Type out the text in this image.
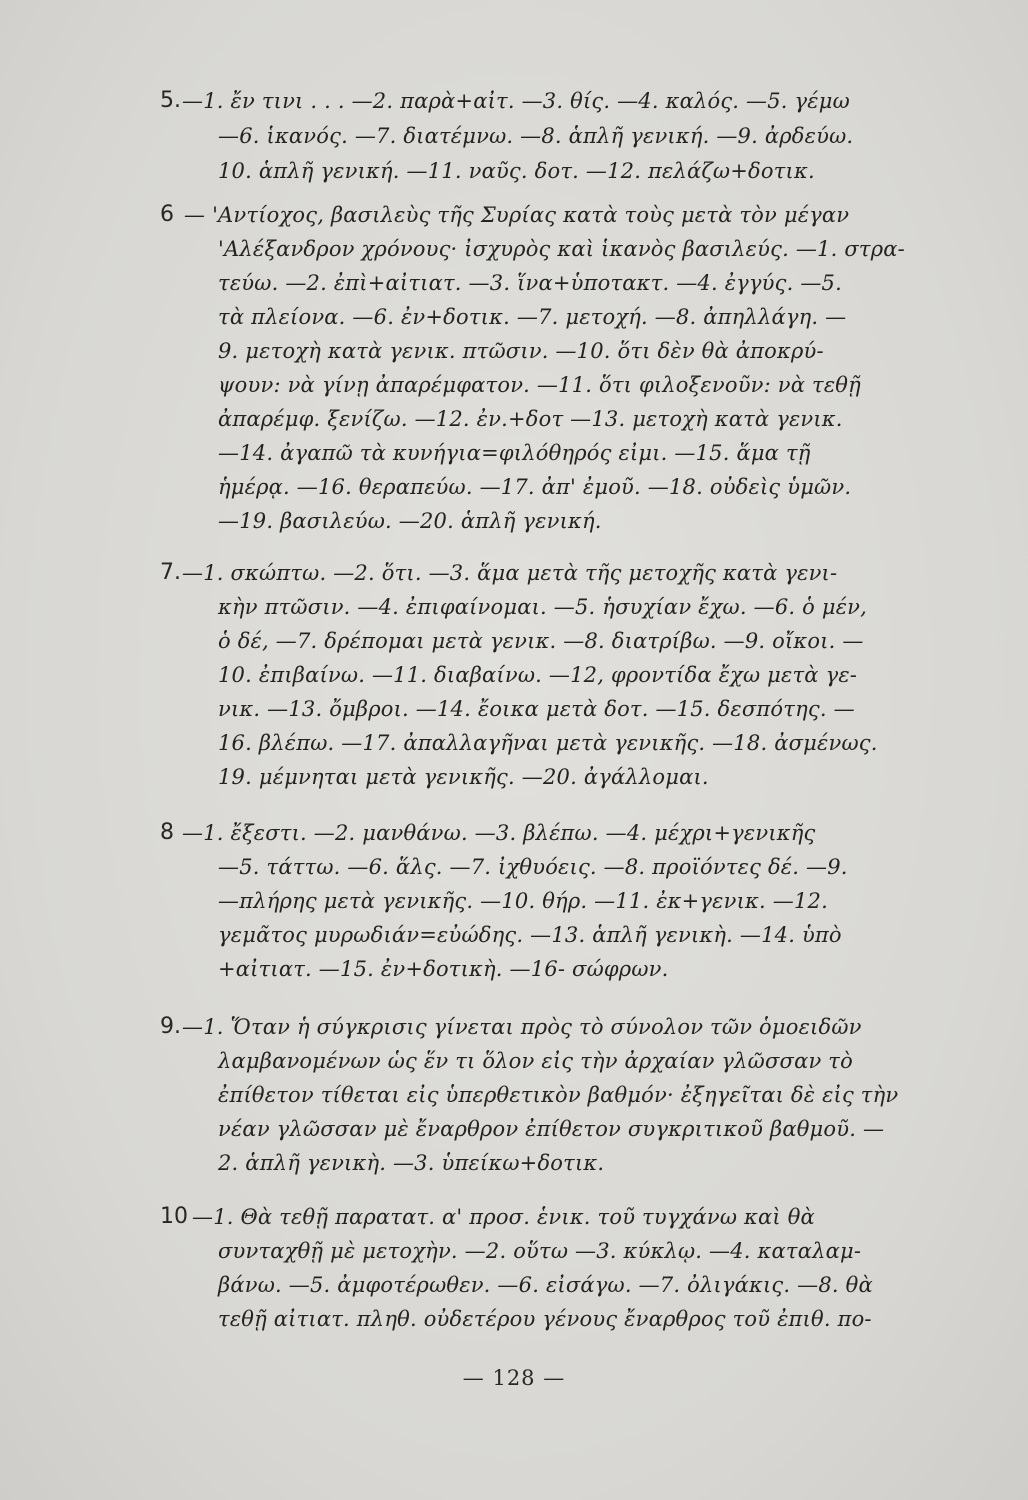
5. —1. ἔν τινι . . . —2. παρὰ+αἰτ. —3. θίς. —4. καλός. —5. γέμω
—6. ἱκανός. —7. διατέμνω. —8. ἁπλῆ γενική. —9. ἀρδεύω.
10. ἁπλῆ γενική. —11. ναῦς. δοτ. —12. πελάζω+δοτικ.
6 — 'Αντίοχος, βασιλεὺς τῆς Συρίας κατὰ τοὺς μετὰ τὸν μέγαν
'Αλέξανδρον χρόνους· ἰσχυρὸς καὶ ἱκανὸς βασιλεύς. —1. στρα-
τεύω. —2. ἐπὶ+αἰτιατ. —3. ἵνα+ὑποτακτ. —4. ἐγγύς. —5.
τὰ πλείονα. —6. ἐν+δοτικ. —7. μετοχή. —8. ἀπηλλάγη. —
9. μετοχὴ κατὰ γενικ. πτῶσιν. —10. ὅτι δὲν θὰ ἀποκρύ-
ψουν: νὰ γίνῃ ἀπαρέμφατον. —11. ὅτι φιλοξενοῦν: νὰ τεθῇ
ἀπαρέμφ. ξενίζω. —12. ἐν.+δοτ —13. μετοχὴ κατὰ γενικ.
—14. ἀγαπῶ τὰ κυνήγια=φιλόθηρός εἰμι. —15. ἅμα τῇ
ἡμέρᾳ. —16. θεραπεύω. —17. ἀπ' ἐμοῦ. —18. οὐδεὶς ὑμῶν.
—19. βασιλεύω. —20. ἁπλῆ γενική.
7. —1. σκώπτω. —2. ὅτι. —3. ἅμα μετὰ τῆς μετοχῆς κατὰ γενι-
κὴν πτῶσιν. —4. ἐπιφαίνομαι. —5. ἡσυχίαν ἔχω. —6. ὁ μέν,
ὁ δέ, —7. δρέπομαι μετὰ γενικ. —8. διατρίβω. —9. οἴκοι. —
10. ἐπιβαίνω. —11. διαβαίνω. —12, φροντίδα ἔχω μετὰ γε-
νικ. —13. ὄμβροι. —14. ἔοικα μετὰ δοτ. —15. δεσπότης. —
16. βλέπω. —17. ἀπαλλαγῆναι μετὰ γενικῆς. —18. ἀσμένως.
19. μέμνηται μετὰ γενικῆς. —20. ἀγάλλομαι.
8 —1. ἔξεστι. —2. μανθάνω. —3. βλέπω. —4. μέχρι+γενικῆς
—5. τάττω. —6. ἅλς. —7. ἰχθυόεις. —8. προϊόντες δέ. —9.
—πλήρης μετὰ γενικῆς. —10. θήρ. —11. ἐκ+γενικ. —12.
γεμᾶτος μυρωδιάν=εὐώδης. —13. ἁπλῆ γενικὴ. —14. ὑπὸ
+αἰτιατ. —15. ἐν+δοτικὴ. —16- σώφρων.
9. —1. Ὅταν ἡ σύγκρισις γίνεται πρὸς τὸ σύνολον τῶν ὁμοειδῶν
λαμβανομένων ὡς ἕν τι ὅλον εἰς τὴν ἀρχαίαν γλῶσσαν τὸ
ἐπίθετον τίθεται εἰς ὑπερθετικὸν βαθμόν· ἐξηγεῖται δὲ εἰς τὴν
νέαν γλῶσσαν μὲ ἔναρθρον ἐπίθετον συγκριτικοῦ βαθμοῦ. —
2. ἁπλῆ γενικὴ. —3. ὑπείκω+δοτικ.
10 —1. Θὰ τεθῇ παρατατ. α' προσ. ἑνικ. τοῦ τυγχάνω καὶ θὰ
συνταχθῇ μὲ μετοχὴν. —2. οὕτω —3. κύκλῳ. —4. καταλαμ-
βάνω. —5. ἀμφοτέρωθεν. —6. εἰσάγω. —7. ὀλιγάκις. —8. θὰ
τεθῇ αἰτιατ. πληθ. οὐδετέρου γένους ἔναρθρος τοῦ ἐπιθ. πο-
— 128 —
